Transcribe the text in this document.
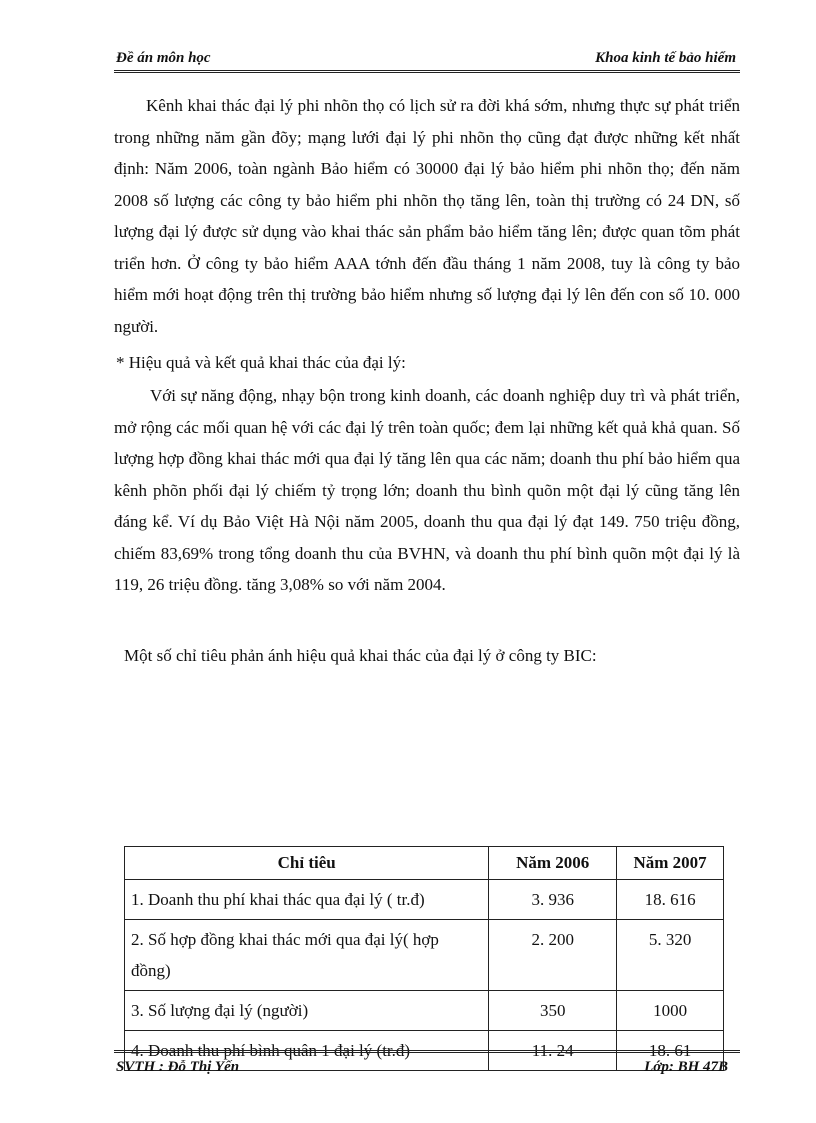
Đề án môn học	Khoa kinh tế bảo hiểm

Kênh khai thác đại lý phi nhõn thọ có lịch sử ra đời khá sớm, nhưng thực sự phát triển trong những năm gần đõy; mạng lưới đại lý phi nhõn thọ cũng đạt được những kết nhất định: Năm 2006, toàn ngành Bảo hiểm có 30000 đại lý bảo hiểm phi nhõn thọ; đến năm 2008 số lượng các công ty bảo hiểm phi nhõn thọ tăng lên, toàn thị trường có 24 DN, số lượng đại lý được sử dụng vào khai thác sản phẩm bảo hiểm tăng lên; được quan tõm phát triển hơn. Ở công ty bảo hiểm AAA tớnh đến đầu tháng 1 năm 2008, tuy là công ty bảo hiểm mới hoạt động trên thị trường bảo hiểm nhưng số lượng đại lý lên đến con số 10. 000 người.

* Hiệu quả và kết quả khai thác của đại lý:

Với sự năng động, nhạy bộn trong kinh doanh, các doanh nghiệp duy trì và phát triển, mở rộng các mối quan hệ với các đại lý trên toàn quốc; đem lại những kết quả khả quan. Số lượng hợp đồng khai thác mới qua đại lý tăng lên qua các năm; doanh thu phí bảo hiểm qua kênh phõn phối đại lý chiếm tỷ trọng lớn; doanh thu bình quõn một đại lý cũng tăng lên đáng kể. Ví dụ Bảo Việt Hà Nội năm 2005, doanh thu qua đại lý đạt 149. 750 triệu đồng, chiếm 83,69% trong tổng doanh thu của BVHN, và doanh thu phí bình quõn một đại lý là 119, 26 triệu đồng. tăng 3,08% so với năm 2004.

Một số chỉ tiêu phản ánh hiệu quả khai thác của đại lý ở công ty BIC:

Chỉ tiêu	Năm 2006	Năm 2007
1. Doanh thu phí khai thác qua đại lý ( tr.đ)	3. 936	18. 616
2. Số hợp đồng khai thác mới qua đại lý( hợp đồng)	2. 200	5. 320
3. Số lượng đại lý (người)	350	1000
4. Doanh thu phí bình quân 1 đại lý (tr.đ)	11. 24	18. 61
SVTH : Đỗ Thị Yến	Lớp: BH 47B
